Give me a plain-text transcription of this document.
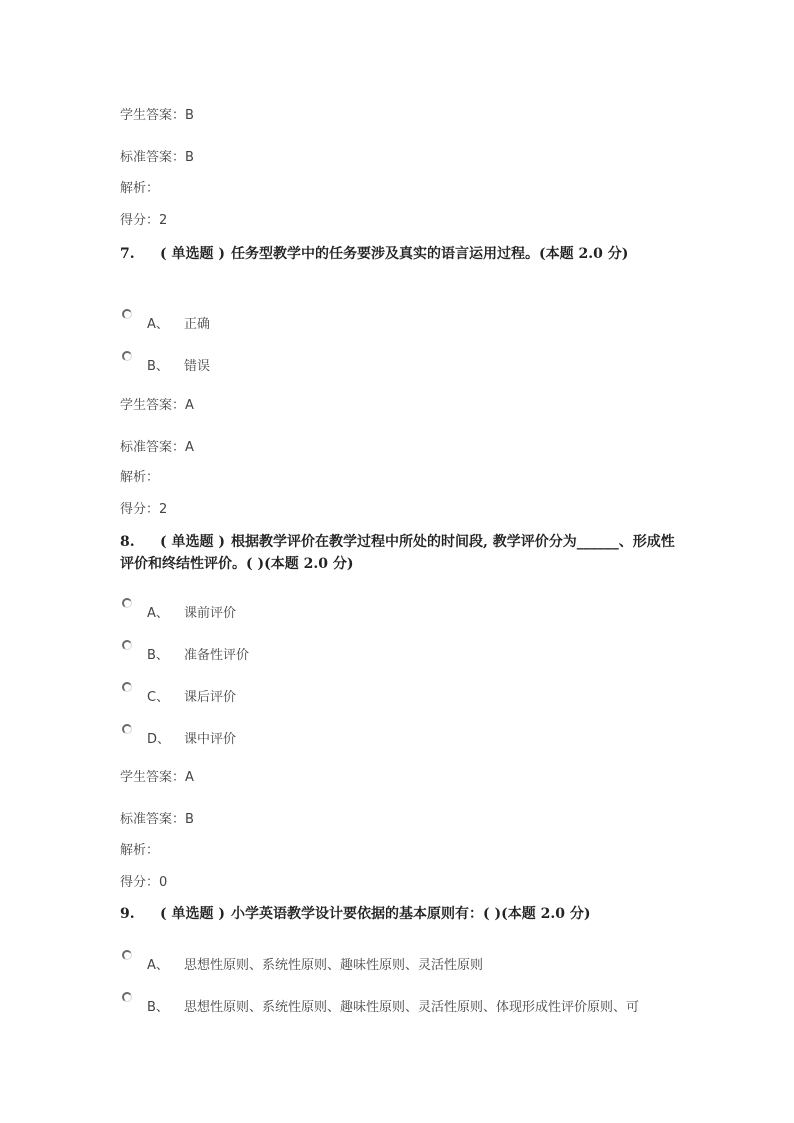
学生答案：B
标准答案：B
解析：
得分：2
7. ( 单选题 ) 任务型教学中的任务要涉及真实的语言运用过程。(本题 2.0 分)
A、 正确
B、 错误
学生答案：A
标准答案：A
解析：
得分：2
8. ( 单选题 ) 根据教学评价在教学过程中所处的时间段, 教学评价分为______、形成性评价和终结性评价。( )(本题 2.0 分)
A、 课前评价
B、 准备性评价
C、 课后评价
D、 课中评价
学生答案：A
标准答案：B
解析：
得分：0
9. ( 单选题 ) 小学英语教学设计要依据的基本原则有：( )(本题 2.0 分)
A、 思想性原则、系统性原则、趣味性原则、灵活性原则
B、 思想性原则、系统性原则、趣味性原则、灵活性原则、体现形成性评价原则、可
